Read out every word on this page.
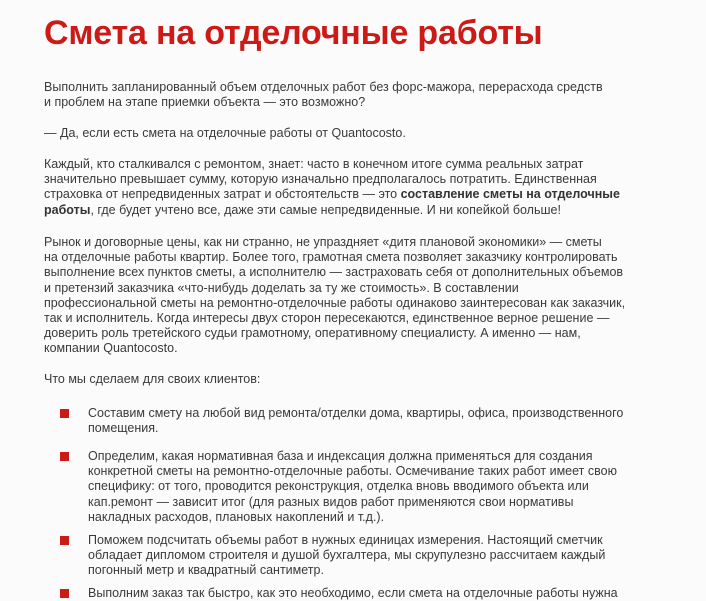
Смета на отделочные работы

Выполнить запланированный объем отделочных работ без форс-мажора, перерасхода средств
и проблем на этапе приемки объекта — это возможно?

— Да, если есть смета на отделочные работы от Quantocosto.

Каждый, кто сталкивался с ремонтом, знает: часто в конечном итоге сумма реальных затрат
значительно превышает сумму, которую изначально предполагалось потратить. Единственная
страховка от непредвиденных затрат и обстоятельств — это составление сметы на отделочные
работы, где будет учтено все, даже эти самые непредвиденные. И ни копейкой больше!

Рынок и договорные цены, как ни странно, не упраздняет «дитя плановой экономики» — сметы
на отделочные работы квартир. Более того, грамотная смета позволяет заказчику контролировать
выполнение всех пунктов сметы, а исполнителю — застраховать себя от дополнительных объемов
и претензий заказчика «что-нибудь доделать за ту же стоимость». В составлении
профессиональной сметы на ремонтно-отделочные работы одинаково заинтересован как заказчик,
так и исполнитель. Когда интересы двух сторон пересекаются, единственное верное решение —
доверить роль третейского судьи грамотному, оперативному специалисту. А именно — нам,
компании Quantocosto.

Что мы сделаем для своих клиентов:

Составим смету на любой вид ремонта/отделки дома, квартиры, офиса, производственного
помещения.

Определим, какая нормативная база и индексация должна применяться для создания
конкретной сметы на ремонтно-отделочные работы. Осмечивание таких работ имеет свою
специфику: от того, проводится реконструкция, отделка вновь вводимого объекта или
кап.ремонт — зависит итог (для разных видов работ применяются свои нормативы
накладных расходов, плановых накоплений и т.д.).

Поможем подсчитать объемы работ в нужных единицах измерения. Настоящий сметчик
обладает дипломом строителя и душой бухгалтера, мы скрупулезно рассчитаем каждый
погонный метр и квадратный сантиметр.

Выполним заказ так быстро, как это необходимо, если смета на отделочные работы нужна
